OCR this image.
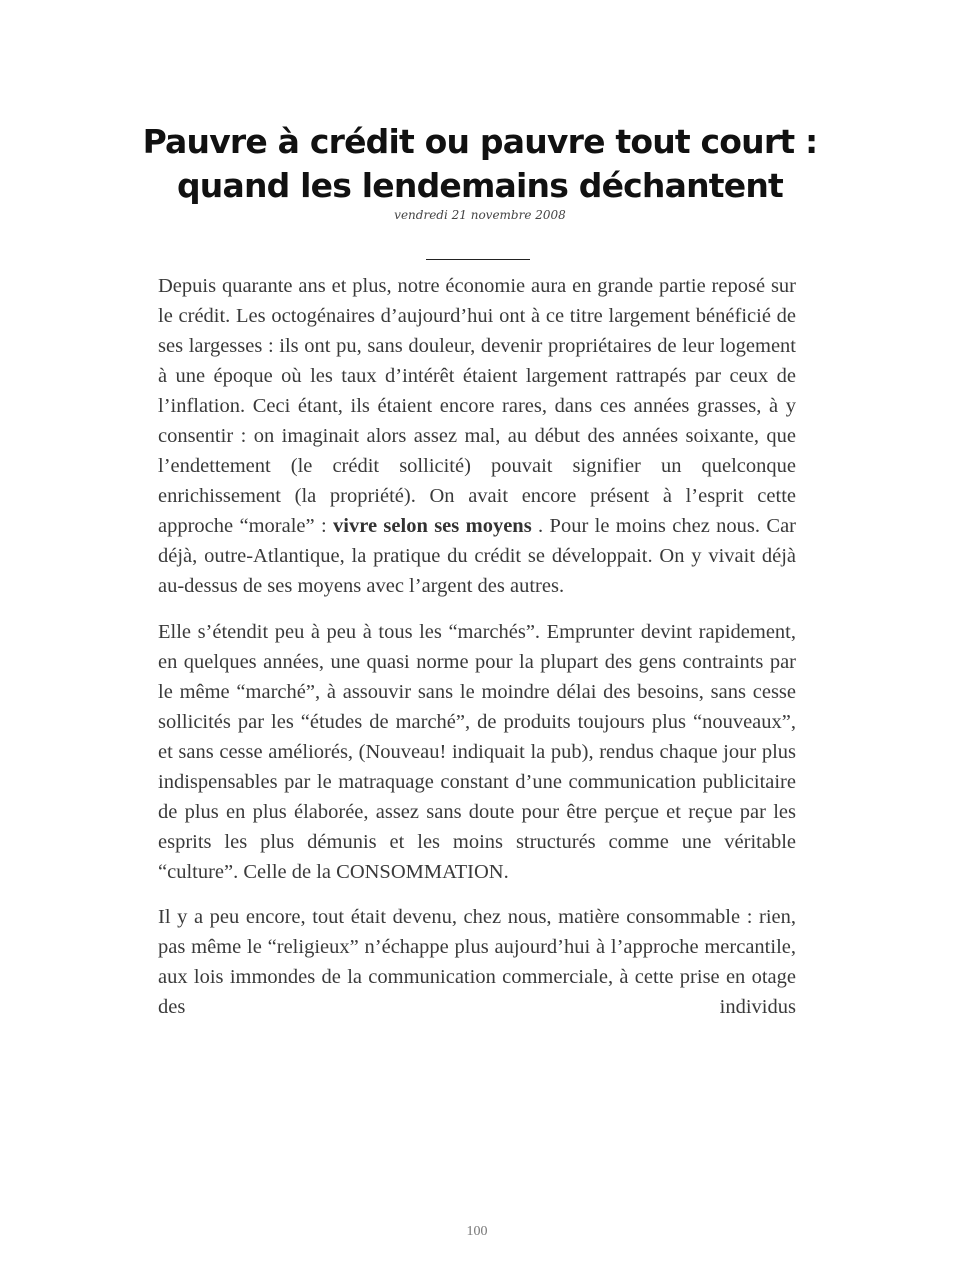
Pauvre à crédit ou pauvre tout court :
quand les lendemains déchantent
vendredi 21 novembre 2008

Depuis quarante ans et plus, notre économie aura en grande partie reposé sur le crédit. Les octogénaires d’aujourd’hui ont à ce titre largement bénéficié de ses largesses : ils ont pu, sans douleur, devenir propriétaires de leur logement à une époque où les taux d’intérêt étaient largement rattrapés par ceux de l’inflation. Ceci étant, ils étaient encore rares, dans ces années grasses, à y consentir : on imaginait alors assez mal, au début des années soixante, que l’endettement (le crédit sollicité) pouvait signifier un quelconque enrichissement (la propriété). On avait encore présent à l’esprit cette approche “morale” : vivre selon ses moyens . Pour le moins chez nous. Car déjà, outre-Atlantique, la pratique du crédit se développait. On y vivait déjà au-dessus de ses moyens avec l’argent des autres.

Elle s’étendit peu à peu à tous les “marchés”. Emprunter devint rapidement, en quelques années, une quasi norme pour la plupart des gens contraints par le même “marché”, à assouvir sans le moindre délai des besoins, sans cesse sollicités par les “études de marché”, de produits toujours plus “nouveaux”, et sans cesse améliorés, (Nouveau! indiquait la pub), rendus chaque jour plus indispensables par le matraquage constant d’une communication publicitaire de plus en plus élaborée, assez sans doute pour être perçue et reçue par les esprits les plus démunis et les moins structurés comme une véritable “culture”. Celle de la CONSOMMATION.

Il y a peu encore, tout était devenu, chez nous, matière consommable : rien, pas même le “religieux” n’échappe plus aujourd’hui à l’approche mercantile, aux lois immondes de la communication commerciale, à cette prise en otage des individus

100
